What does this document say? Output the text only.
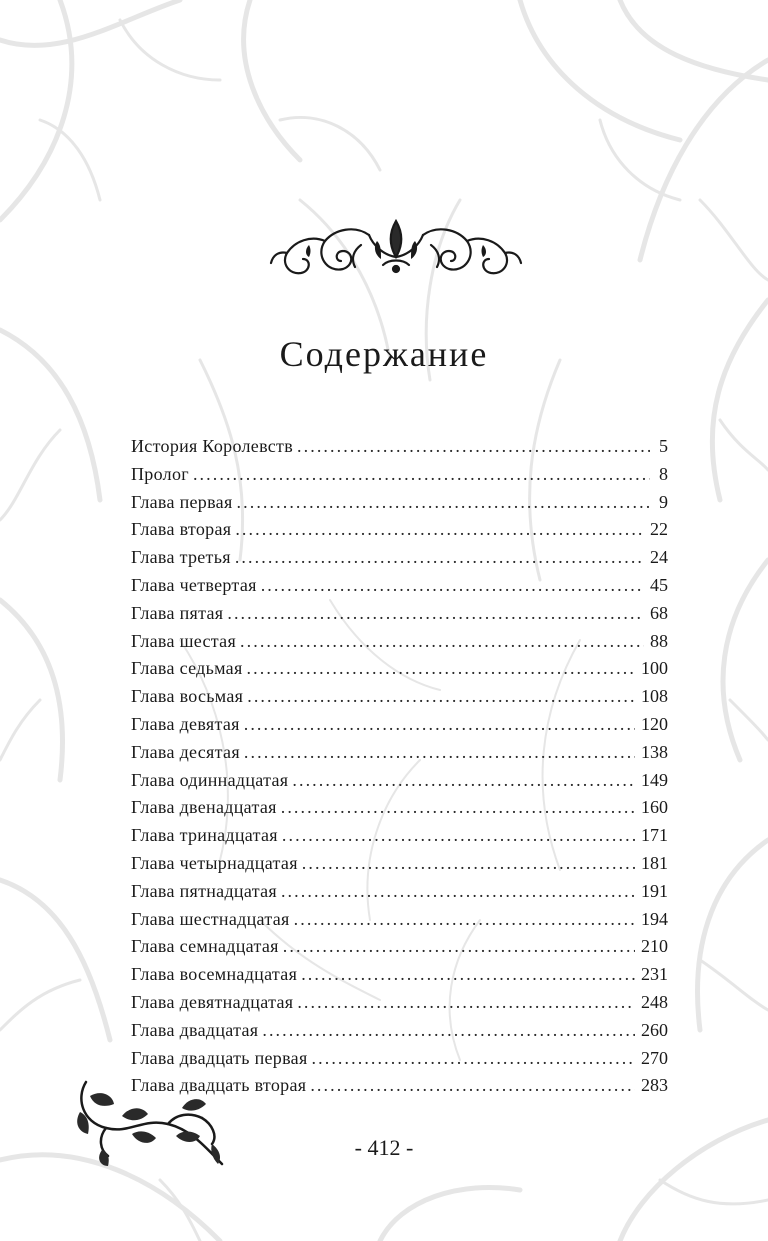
Содержание
История Королевств . . .	5
Пролог . . .	8
Глава первая . . .	9
Глава вторая . . .	22
Глава третья . . .	24
Глава четвертая . . .	45
Глава пятая . . .	68
Глава шестая . . .	88
Глава седьмая . . .	100
Глава восьмая . . .	108
Глава девятая . . .	120
Глава десятая . . .	138
Глава одиннадцатая . . .	149
Глава двенадцатая . . .	160
Глава тринадцатая . . .	171
Глава четырнадцатая . . .	181
Глава пятнадцатая . . .	191
Глава шестнадцатая . . .	194
Глава семнадцатая . . .	210
Глава восемнадцатая . . .	231
Глава девятнадцатая . . .	248
Глава двадцатая . . .	260
Глава двадцать первая . . .	270
Глава двадцать вторая . . .	283
- 412 -
